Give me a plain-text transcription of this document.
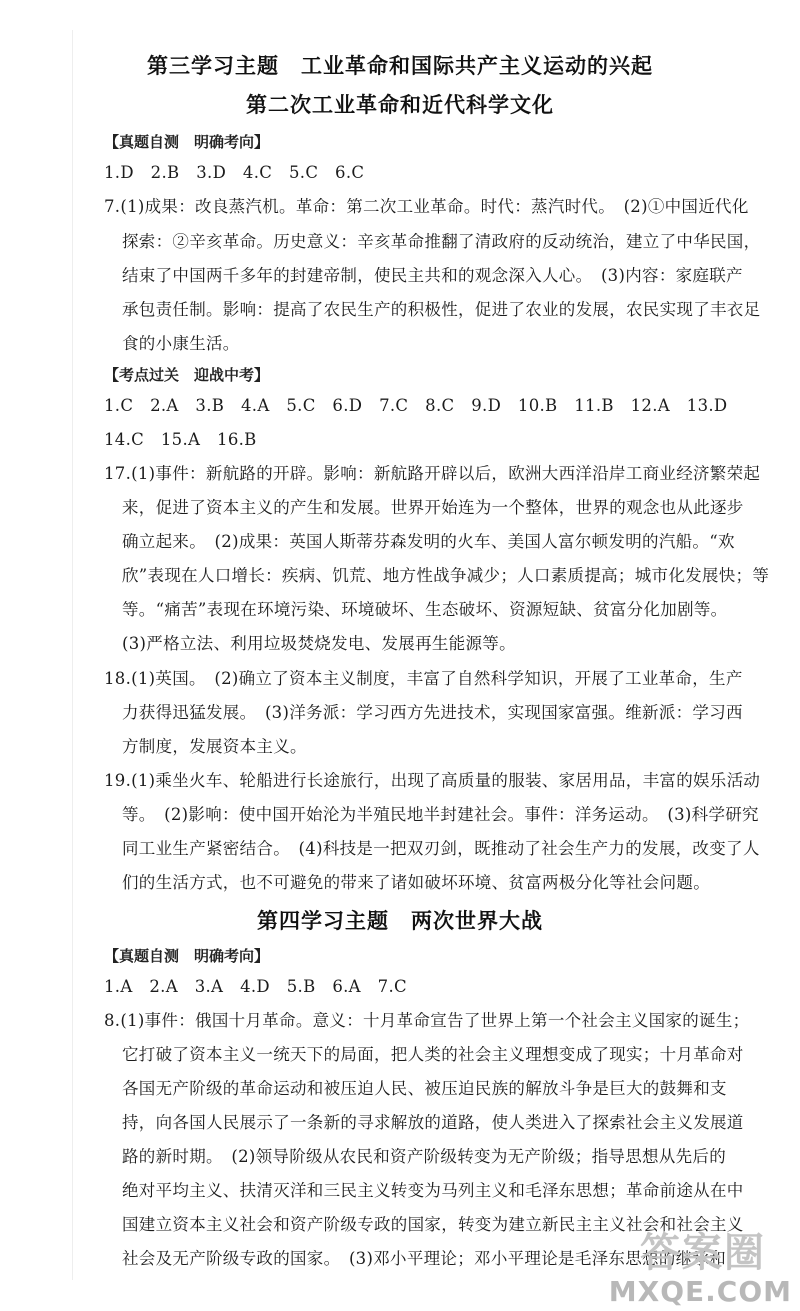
第三学习主题　工业革命和国际共产主义运动的兴起
第二次工业革命和近代科学文化
【真题自测　明确考向】
1.D　2.B　3.D　4.C　5.C　6.C
7.(1)成果：改良蒸汽机。革命：第二次工业革命。时代：蒸汽时代。　(2)①中国近代化
探索：②辛亥革命。历史意义：辛亥革命推翻了清政府的反动统治，建立了中华民国，
结束了中国两千多年的封建帝制，使民主共和的观念深入人心。　(3)内容：家庭联产
承包责任制。影响：提高了农民生产的积极性，促进了农业的发展，农民实现了丰衣足
食的小康生活。
【考点过关　迎战中考】
1.C　2.A　3.B　4.A　5.C　6.D　7.C　8.C　9.D　10.B　11.B　12.A　13.D
14.C　15.A　16.B
17.(1)事件：新航路的开辟。影响：新航路开辟以后，欧洲大西洋沿岸工商业经济繁荣起
来，促进了资本主义的产生和发展。世界开始连为一个整体，世界的观念也从此逐步
确立起来。　(2)成果：英国人斯蒂芬森发明的火车、美国人富尔顿发明的汽船。“欢
欣”表现在人口增长：疾病、饥荒、地方性战争减少；人口素质提高；城市化发展快；等
等。“痛苦”表现在环境污染、环境破坏、生态破坏、资源短缺、贫富分化加剧等。
(3)严格立法、利用垃圾焚烧发电、发展再生能源等。
18.(1)英国。　(2)确立了资本主义制度，丰富了自然科学知识，开展了工业革命，生产
力获得迅猛发展。　(3)洋务派：学习西方先进技术，实现国家富强。维新派：学习西
方制度，发展资本主义。
19.(1)乘坐火车、轮船进行长途旅行，出现了高质量的服装、家居用品，丰富的娱乐活动
等。　(2)影响：使中国开始沦为半殖民地半封建社会。事件：洋务运动。　(3)科学研究
同工业生产紧密结合。　(4)科技是一把双刃剑，既推动了社会生产力的发展，改变了人
们的生活方式，也不可避免的带来了诸如破坏环境、贫富两极分化等社会问题。
第四学习主题　两次世界大战
【真题自测　明确考向】
1.A　2.A　3.A　4.D　5.B　6.A　7.C
8.(1)事件：俄国十月革命。意义：十月革命宣告了世界上第一个社会主义国家的诞生；
它打破了资本主义一统天下的局面，把人类的社会主义理想变成了现实；十月革命对
各国无产阶级的革命运动和被压迫人民、被压迫民族的解放斗争是巨大的鼓舞和支
持，向各国人民展示了一条新的寻求解放的道路，使人类进入了探索社会主义发展道
路的新时期。　(2)领导阶级从农民和资产阶级转变为无产阶级；指导思想从先后的
绝对平均主义、扶清灭洋和三民主义转变为马列主义和毛泽东思想；革命前途从在中
国建立资本主义社会和资产阶级专政的国家，转变为建立新民主主义社会和社会主义
社会及无产阶级专政的国家。　(3)邓小平理论；邓小平理论是毛泽东思想的继承和
答案圈
MXQE.COM
